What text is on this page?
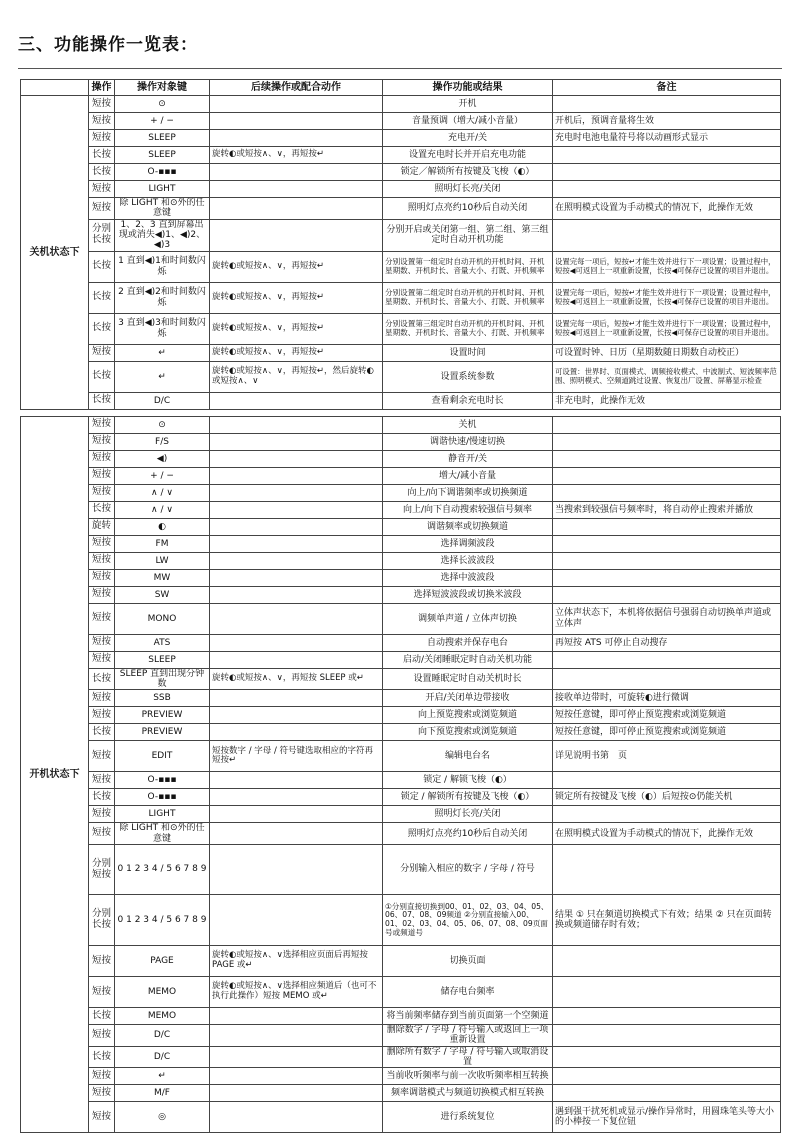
三、功能操作一览表：
	操作	操作对象键	后续操作或配合动作	操作功能或结果	备注
关机状态下	短按	⊙		开机	
	短按	+ / −		音量预调（增大/减小音量）	开机后，预调音量将生效
	短按	SLEEP		充电开/关	充电时电池电量符号将以动画形式显示
	长按	SLEEP	旋转◐或短按∧、∨，再短按↵	设置充电时长并开启充电功能	
	长按	O-▪▪▪		锁定／解锁所有按键及飞梭（◐）	
	短按	LIGHT		照明灯长亮/关闭	
	短按	除 LIGHT 和⊙外的任意键		照明灯点亮约10秒后自动关闭	在照明模式设置为手动模式的情况下，此操作无效
	分别长按	1、2、3 直到屏幕出现或消失◀)1、◀)2、◀)3		分别开启或关闭第一组、第二组、第三组定时自动开机功能	
	长按	1 直到◀)1和时间数闪烁	旋转◐或短按∧、∨，再短按↵	分别设置第一组定时自动开机的开机时间、开机星期数、开机时长、音量大小、打既、开机频率	设置完每一项后，短按↵才能生效并进行下一项设置；设置过程中，短按◀可返回上一项重新设置，长按◀可保存已设置的项目并退出。
	长按	2 直到◀)2和时间数闪烁	旋转◐或短按∧、∨，再短按↵	分别设置第二组定时自动开机的开机时间、开机星期数、开机时长、音量大小、打既、开机频率	设置完每一项后，短按↵才能生效并进行下一项设置；设置过程中，短按◀可返回上一项重新设置，长按◀可保存已设置的项目并退出。
	长按	3 直到◀)3和时间数闪烁	旋转◐或短按∧、∨，再短按↵	分别设置第三组定时自动开机的开机时间、开机星期数、开机时长、音量大小、打既、开机频率	设置完每一项后，短按↵才能生效并进行下一项设置；设置过程中，短按◀可返回上一项重新设置，长按◀可保存已设置的项目并退出。
	短按	↵	旋转◐或短按∧、∨，再短按↵	设置时间	可设置时钟、日历（星期数随日期数自动校正）
	长按	↵	旋转◐或短按∧、∨，再短按↵，然后旋转◐或短按∧、∨	设置系统参数	可设置：世界时、页面模式、调频接收模式、中波制式、短波频率范围、照明模式、空频道跳过设置、恢复出厂设置、屏幕显示检查
	长按	D/C		查看剩余充电时长	非充电时，此操作无效

开机状态下	短按	⊙		关机	
	短按	F/S		调谐快速/慢速切换	
	短按	◀)		静音开/关	
	短按	+ / −		增大/减小音量	
	短按	∧ / ∨		向上/向下调谐频率或切换频道	
	长按	∧ / ∨		向上/向下自动搜索较强信号频率	当搜索到较强信号频率时，将自动停止搜索并播放
	旋转	◐		调谐频率或切换频道	
	短按	FM		选择调频波段	
	短按	LW		选择长波波段	
	短按	MW		选择中波波段	
	短按	SW		选择短波波段或切换米波段	
	短按	MONO		调频单声道 / 立体声切换	立体声状态下，本机将依据信号强弱自动切换单声道或立体声
	短按	ATS		自动搜索并保存电台	再短按 ATS 可停止自动搜存
	短按	SLEEP		启动/关闭睡眠定时自动关机功能	
	长按	SLEEP 直到出现分钟数	旋转◐或短按∧、∨，再短按 SLEEP 或↵	设置睡眠定时自动关机时长	
	短按	SSB		开启/关闭单边带接收	接收单边带时，可旋转◐进行微调
	短按	PREVIEW		向上预览搜索或浏览频道	短按任意键，即可停止预览搜索或浏览频道
	长按	PREVIEW		向下预览搜索或浏览频道	短按任意键，即可停止预览搜索或浏览频道
	短按	EDIT	短按数字 / 字母 / 符号键选取相应的字符再短按↵	编辑电台名	详见说明书第　页
	短按	O-▪▪▪		锁定 / 解锁飞梭（◐）	
	长按	O-▪▪▪		锁定 / 解锁所有按键及飞梭（◐）	锁定所有按键及飞梭（◐）后短按⊙仍能关机
	短按	LIGHT		照明灯长亮/关闭	
	短按	除 LIGHT 和⊙外的任意键		照明灯点亮约10秒后自动关闭	在照明模式设置为手动模式的情况下，此操作无效
	分别短按	0 1 2 3 4 / 5 6 7 8 9		分别输入相应的数字 / 字母 / 符号	
	分别长按	0 1 2 3 4 / 5 6 7 8 9		①分别直接切换到00、01、02、03、04、05、06、07、08、09频道 ②分别直接输入00、01、02、03、04、05、06、07、08、09页面号或频道号	结果 ① 只在频道切换模式下有效；结果 ② 只在页面转换或频道储存时有效；
	短按	PAGE	旋转◐或短按∧、∨选择相应页面后再短按 PAGE 或↵	切换页面	
	短按	MEMO	旋转◐或短按∧、∨选择相应频道后（也可不执行此操作）短按 MEMO 或↵	储存电台频率	
	长按	MEMO		将当前频率储存到当前页面第一个空频道	
	短按	D/C		删除数字 / 字母 / 符号输入或返回上一项重新设置	
	长按	D/C		删除所有数字 / 字母 / 符号输入或取消设置	
	短按	↵		当前收听频率与前一次收听频率相互转换	
	短按	M/F		频率调谐模式与频道切换模式相互转换	
	短按	◎		进行系统复位	遇到强干扰死机或显示/操作异常时，用圆珠笔头等大小的小棒按一下复位钮
